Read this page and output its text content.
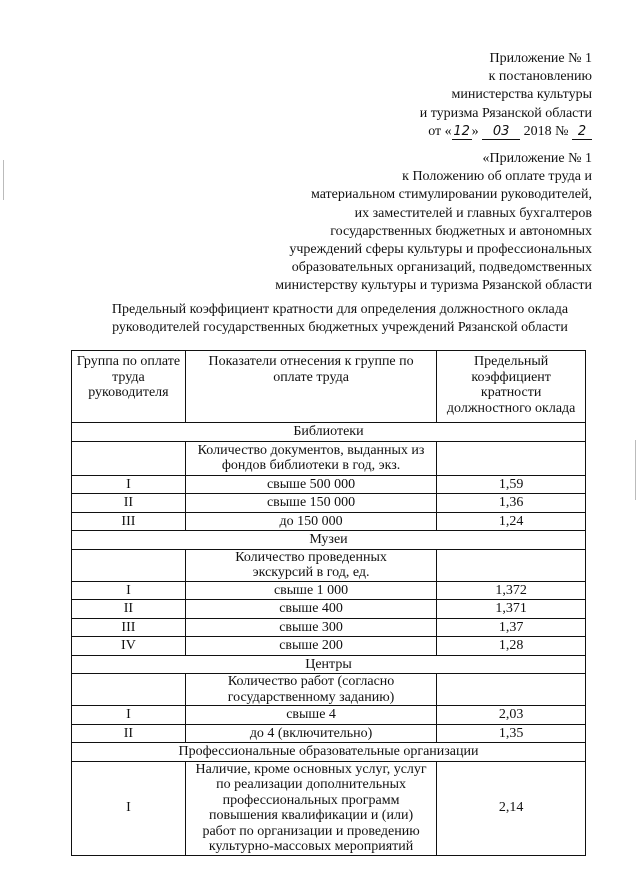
Приложение № 1
к постановлению
министерства культуры
и туризма Рязанской области
от « 12 » 03 2018 № 2
«Приложение № 1
к Положению об оплате труда и
материальном стимулировании руководителей,
их заместителей и главных бухгалтеров
государственных бюджетных и автономных
учреждений сферы культуры и профессиональных
образовательных организаций, подведомственных
министерству культуры и туризма Рязанской области
Предельный коэффициент кратности для определения должностного оклада
руководителей государственных бюджетных учреждений Рязанской области
Группа по оплате труда руководителя	Показатели отнесения к группе по оплате труда	Предельный коэффициент кратности должностного оклада
Библиотеки		
	Количество документов, выданных из фондов библиотеки в год, экз.	
I	свыше 500 000	1,59
II	свыше 150 000	1,36
III	до 150 000	1,24
Музеи		
	Количество проведенных экскурсий в год, ед.	
I	свыше 1 000	1,372
II	свыше 400	1,371
III	свыше 300	1,37
IV	свыше 200	1,28
Центры		
	Количество работ (согласно государственному заданию)	
I	свыше 4	2,03
II	до 4 (включительно)	1,35
Профессиональные образовательные организации		
I	Наличие, кроме основных услуг, услуг по реализации дополнительных профессиональных программ повышения квалификации и (или) работ по организации и проведению культурно-массовых мероприятий	2,14
